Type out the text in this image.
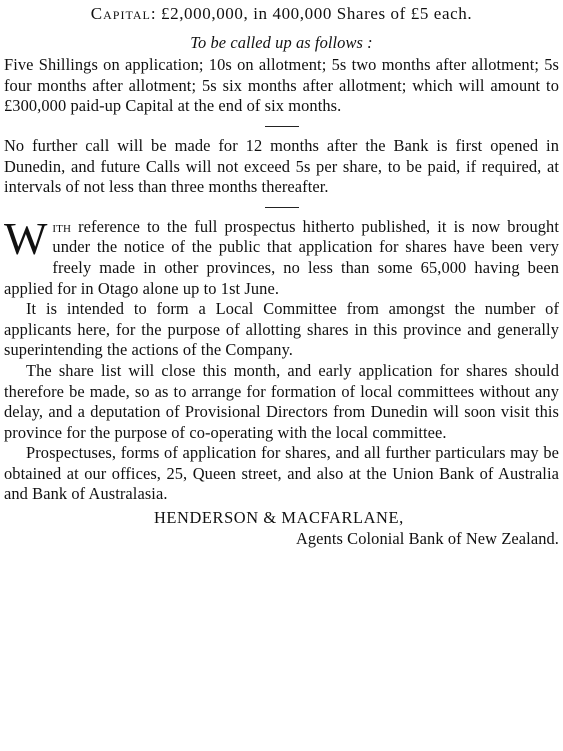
Capital: £2,000,000, in 400,000 Shares of £5 each.

To be called up as follows :

Five Shillings on application; 10s on allotment; 5s two months after allotment; 5s four months after allotment; 5s six months after allotment; which will amount to £300,000 paid-up Capital at the end of six months.

No further call will be made for 12 months after the Bank is first opened in Dunedin, and future Calls will not exceed 5s per share, to be paid, if required, at intervals of not less than three months thereafter.

With reference to the full prospectus hitherto published, it is now brought under the notice of the public that application for shares have been very freely made in other provinces, no less than some 65,000 having been applied for in Otago alone up to 1st June.

It is intended to form a Local Committee from amongst the number of applicants here, for the purpose of allotting shares in this province and generally superintending the actions of the Company.

The share list will close this month, and early application for shares should therefore be made, so as to arrange for formation of local committees without any delay, and a deputation of Provisional Directors from Dunedin will soon visit this province for the purpose of co-operating with the local committee.

Prospectuses, forms of application for shares, and all further particulars may be obtained at our offices, 25, Queen street, and also at the Union Bank of Australia and Bank of Australasia.

HENDERSON & MACFARLANE,

Agents Colonial Bank of New Zealand.
